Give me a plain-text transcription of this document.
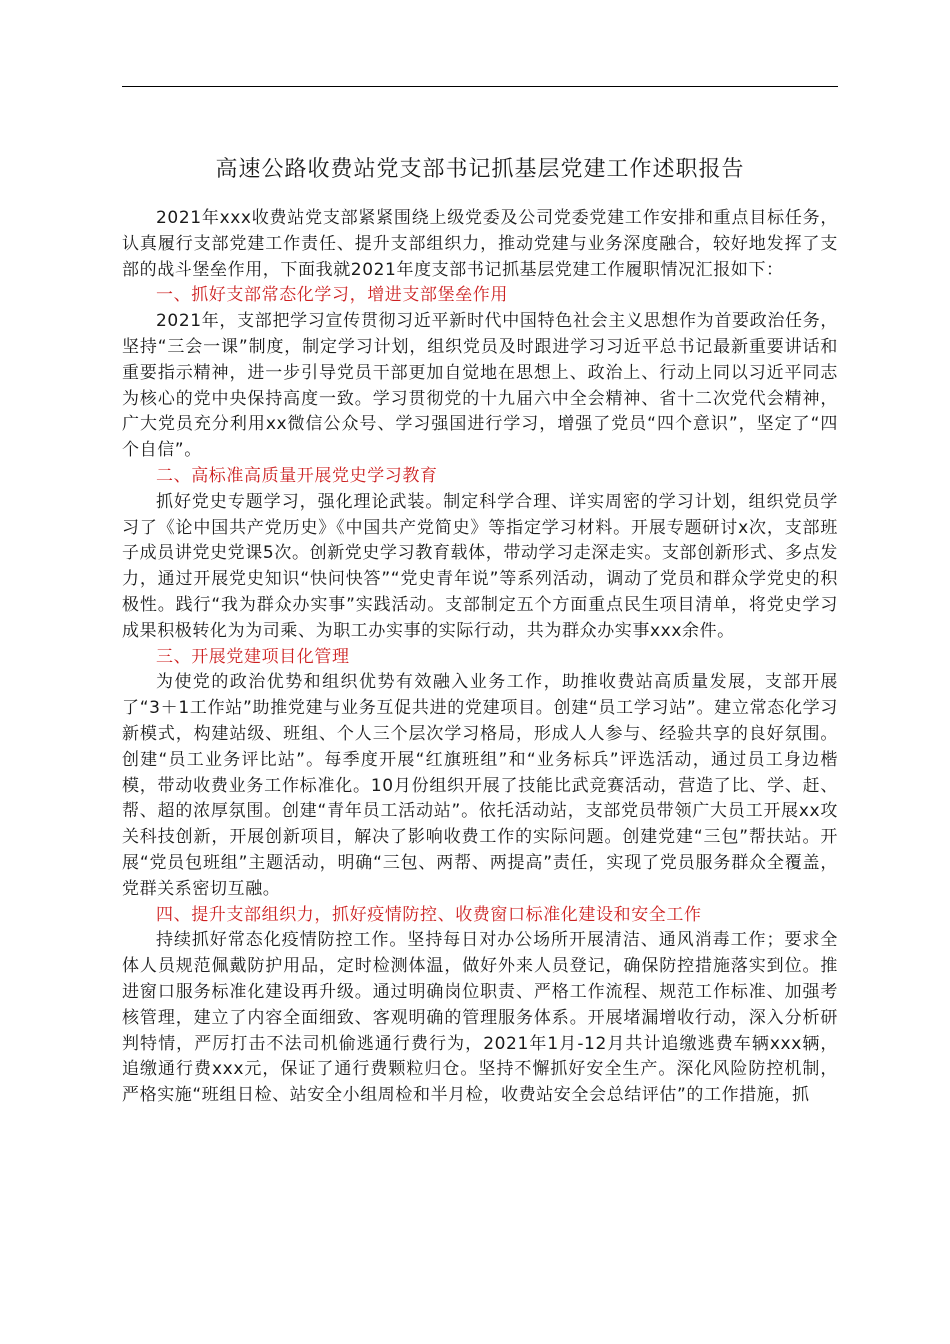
高速公路收费站党支部书记抓基层党建工作述职报告

2021年xxx收费站党支部紧紧围绕上级党委及公司党委党建工作安排和重点目标任务，认真履行支部党建工作责任、提升支部组织力，推动党建与业务深度融合，较好地发挥了支部的战斗堡垒作用，下面我就2021年度支部书记抓基层党建工作履职情况汇报如下：

一、抓好支部常态化学习，增进支部堡垒作用

2021年，支部把学习宣传贯彻习近平新时代中国特色社会主义思想作为首要政治任务，坚持“三会一课”制度，制定学习计划，组织党员及时跟进学习习近平总书记最新重要讲话和重要指示精神，进一步引导党员干部更加自觉地在思想上、政治上、行动上同以习近平同志为核心的党中央保持高度一致。学习贯彻党的十九届六中全会精神、省十二次党代会精神，广大党员充分利用xx微信公众号、学习强国进行学习，增强了党员“四个意识”，坚定了“四个自信”。

二、高标准高质量开展党史学习教育

抓好党史专题学习，强化理论武装。制定科学合理、详实周密的学习计划，组织党员学习了《论中国共产党历史》《中国共产党简史》等指定学习材料。开展专题研讨x次，支部班子成员讲党史党课5次。创新党史学习教育载体，带动学习走深走实。支部创新形式、多点发力，通过开展党史知识“快问快答”“党史青年说”等系列活动，调动了党员和群众学党史的积极性。践行“我为群众办实事”实践活动。支部制定五个方面重点民生项目清单，将党史学习成果积极转化为为司乘、为职工办实事的实际行动，共为群众办实事xxx余件。

三、开展党建项目化管理

为使党的政治优势和组织优势有效融入业务工作，助推收费站高质量发展，支部开展了“3＋1工作站”助推党建与业务互促共进的党建项目。创建“员工学习站”。建立常态化学习新模式，构建站级、班组、个人三个层次学习格局，形成人人参与、经验共享的良好氛围。创建“员工业务评比站”。每季度开展“红旗班组”和“业务标兵”评选活动，通过员工身边楷模，带动收费业务工作标准化。10月份组织开展了技能比武竞赛活动，营造了比、学、赶、帮、超的浓厚氛围。创建“青年员工活动站”。依托活动站，支部党员带领广大员工开展xx攻关科技创新，开展创新项目，解决了影响收费工作的实际问题。创建党建“三包”帮扶站。开展“党员包班组”主题活动，明确“三包、两帮、两提高”责任，实现了党员服务群众全覆盖，党群关系密切互融。

四、提升支部组织力，抓好疫情防控、收费窗口标准化建设和安全工作

持续抓好常态化疫情防控工作。坚持每日对办公场所开展清洁、通风消毒工作；要求全体人员规范佩戴防护用品，定时检测体温，做好外来人员登记，确保防控措施落实到位。推进窗口服务标准化建设再升级。通过明确岗位职责、严格工作流程、规范工作标准、加强考核管理，建立了内容全面细致、客观明确的管理服务体系。开展堵漏增收行动，深入分析研判特情，严厉打击不法司机偷逃通行费行为，2021年1月-12月共计追缴逃费车辆xxx辆，追缴通行费xxx元，保证了通行费颗粒归仓。坚持不懈抓好安全生产。深化风险防控机制，严格实施“班组日检、站安全小组周检和半月检，收费站安全会总结评估”的工作措施，抓
